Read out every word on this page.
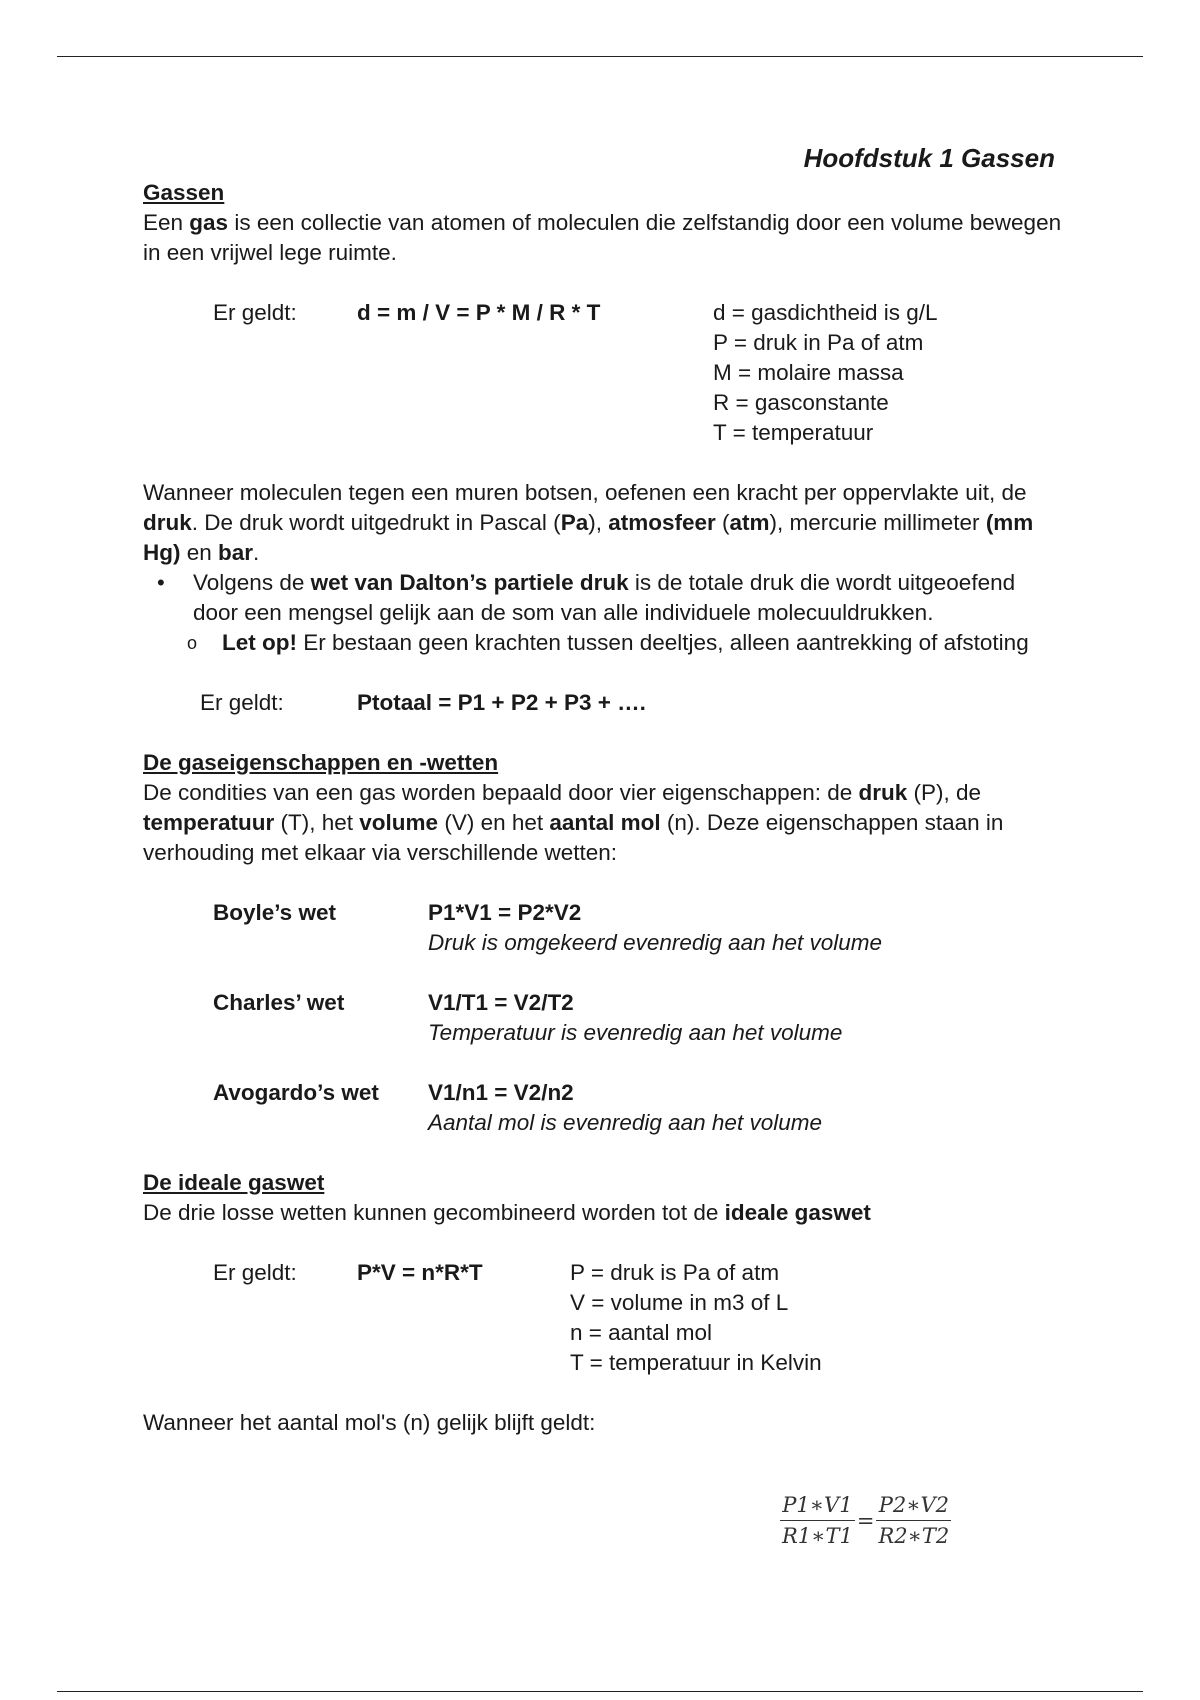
Hoofdstuk 1 Gassen
Gassen

Een gas is een collectie van atomen of moleculen die zelfstandig door een volume bewegen in een vrijwel lege ruimte.

Er geldt:	d = m / V = P * M / R * T	d = gasdichtheid is g/L
P = druk in Pa of atm
M = molaire massa
R = gasconstante
T = temperatuur

Wanneer moleculen tegen een muren botsen, oefenen een kracht per oppervlakte uit, de druk. De druk wordt uitgedrukt in Pascal (Pa), atmosfeer (atm), mercurie millimeter (mm Hg) en bar.

• Volgens de wet van Dalton’s partiele druk is de totale druk die wordt uitgeoefend door een mengsel gelijk aan de som van alle individuele molecuuldrukken.
o Let op! Er bestaan geen krachten tussen deeltjes, alleen aantrekking of afstoting
Er geldt:	Ptotaal = P1 + P2 + P3 + ….
De gaseigenschappen en -wetten

De condities van een gas worden bepaald door vier eigenschappen: de druk (P), de temperatuur (T), het volume (V) en het aantal mol (n). Deze eigenschappen staan in verhouding met elkaar via verschillende wetten:

Boyle’s wet	P1*V1 = P2*V2
Druk is omgekeerd evenredig aan het volume
Charles’ wet	V1/T1 = V2/T2
Temperatuur is evenredig aan het volume
Avogardo’s wet V1/n1 = V2/n2
Aantal mol is evenredig aan het volume
De ideale gaswet

De drie losse wetten kunnen gecombineerd worden tot de ideale gaswet

Er geldt:	P*V = n*R*T	P = druk is Pa of atm
V = volume in m3 of L
n = aantal mol
T = temperatuur in Kelvin

Wanneer het aantal mol's (n) gelijk blijft geldt:

$\frac{P1∗V1}{R1∗T1} = \frac{P2∗V2}{R2∗T2}$
